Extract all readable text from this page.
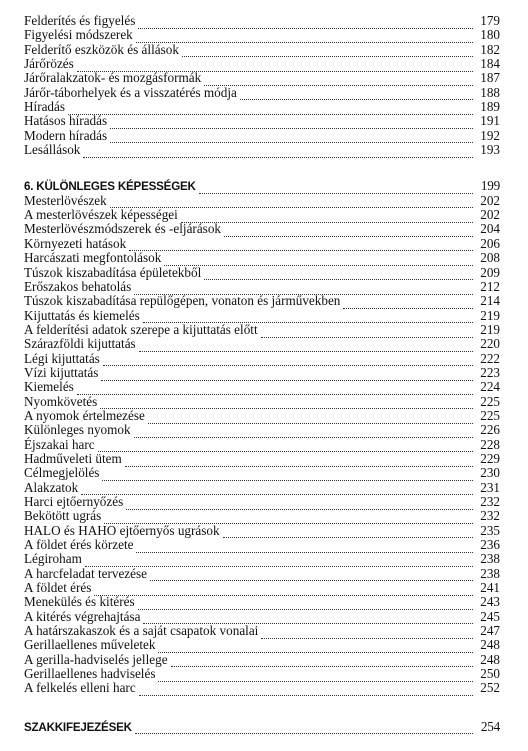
Felderítés és figyelés	179
Figyelési módszerek	180
Felderítő eszközök és állások	182
Járőrözés	184
Járőralakzatok- és mozgásformák	187
Járőr-táborhelyek és a visszatérés módja	188
Híradás	189
Hatásos híradás	191
Modern híradás	192
Lesállások	193
6. KÜLÖNLEGES KÉPESSÉGEK	199
Mesterlövészek	202
A mesterlövészek képességei	202
Mesterlövészmódszerek és -eljárások	204
Környezeti hatások	206
Harcászati megfontolások	208
Túszok kiszabadítása épületekből	209
Erőszakos behatolás	212
Túszok kiszabadítása repülőgépen, vonaton és járművekben	214
Kijuttatás és kiemelés	219
A felderítési adatok szerepe a kijuttatás előtt	219
Szárazföldi kijuttatás	220
Légi kijuttatás	222
Vízi kijuttatás	223
Kiemelés	224
Nyomkövetés	225
A nyomok értelmezése	225
Különleges nyomok	226
Éjszakai harc	228
Hadműveleti ütem	229
Célmegjelölés	230
Alakzatok	231
Harci ejtőernyőzés	232
Bekötött ugrás	232
HALO és HAHO ejtőernyős ugrások	235
A földet érés körzete	236
Légiroham	238
A harcfeladat tervezése	238
A földet érés	241
Menekülés és kitérés	243
A kitérés végrehajtása	245
A határszakaszok és a saját csapatok vonalai	247
Gerillaellenes műveletek	248
A gerilla-hadviselés jellege	248
Gerillaellenes hadviselés	250
A felkelés elleni harc	252
SZAKKIFEJEZÉSEK	254
